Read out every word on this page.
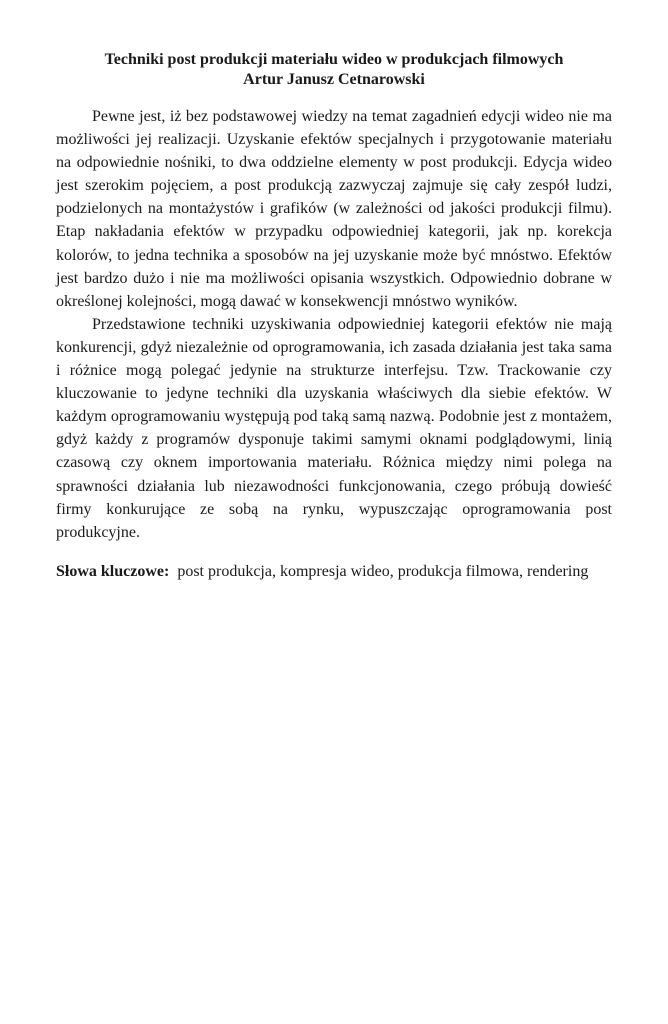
Techniki post produkcji materiału wideo w produkcjach filmowych
Artur Janusz Cetnarowski

Pewne jest, iż bez podstawowej wiedzy na temat zagadnień edycji wideo nie ma możliwości jej realizacji. Uzyskanie efektów specjalnych i przygotowanie materiału na odpowiednie nośniki, to dwa oddzielne elementy w post produkcji. Edycja wideo jest szerokim pojęciem, a post produkcją zazwyczaj zajmuje się cały zespół ludzi, podzielonych na montażystów i grafików (w zależności od jakości produkcji filmu). Etap nakładania efektów w przypadku odpowiedniej kategorii, jak np. korekcja kolorów, to jedna technika a sposobów na jej uzyskanie może być mnóstwo. Efektów jest bardzo dużo i nie ma możliwości opisania wszystkich. Odpowiednio dobrane w określonej kolejności, mogą dawać w konsekwencji mnóstwo wyników.

Przedstawione techniki uzyskiwania odpowiedniej kategorii efektów nie mają konkurencji, gdyż niezależnie od oprogramowania, ich zasada działania jest taka sama i różnice mogą polegać jedynie na strukturze interfejsu. Tzw. Trackowanie czy kluczowanie to jedyne techniki dla uzyskania właściwych dla siebie efektów. W każdym oprogramowaniu występują pod taką samą nazwą. Podobnie jest z montażem, gdyż każdy z programów dysponuje takimi samymi oknami podglądowymi, linią czasową czy oknem importowania materiału. Różnica między nimi polega na sprawności działania lub niezawodności funkcjonowania, czego próbują dowieść firmy konkurujące ze sobą na rynku, wypuszczając oprogramowania post produkcyjne.

Słowa kluczowe: post produkcja, kompresja wideo, produkcja filmowa, rendering
